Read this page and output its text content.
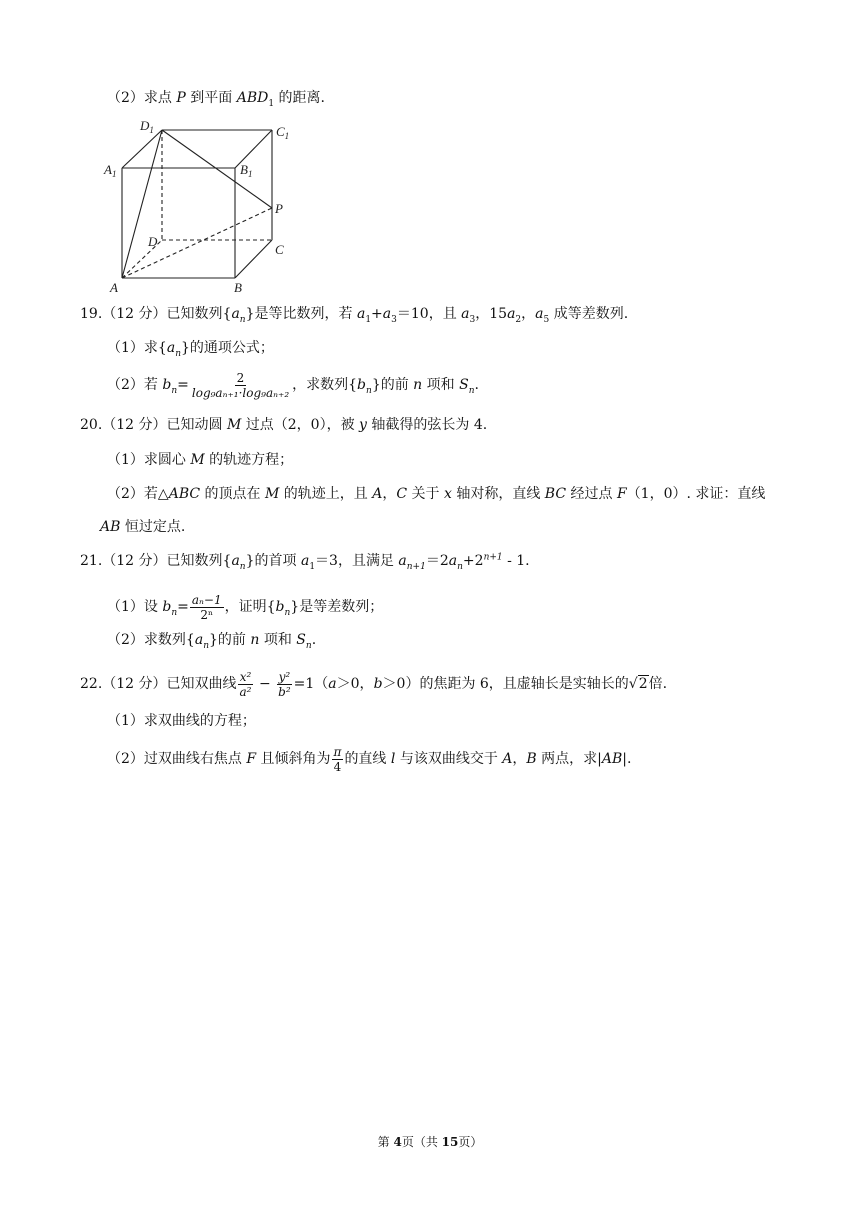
（2）求点 P 到平面 $ABD_1$ 的距离.
$D_1$	$C_1$
$A_1$	$B_1$
P
D
C
A	B
19.（12 分）已知数列$\{a_n\}$是等比数列，若 $a_1+a_3=10$，且 $a_3$，$15a_2$，$a_5$ 成等差数列.
（1）求$\{a_n\}$的通项公式；
（2）若 $b_n= \frac{2}{\text{log₉aₙ₊₁·log₉aₙ₊₂}}$ ，求数列$\{b_n\}$的前 n 项和 $S_n$.
20.（12 分）已知动圆 M 过点（2，0），被 y 轴截得的弦长为 4.
（1）求圆心 M 的轨迹方程；
（2）若△ABC 的顶点在 M 的轨迹上，且 A，C 关于 x 轴对称，直线 BC 经过点 F（1，0）. 求证：直线
AB 恒过定点.
21.（12 分）已知数列$\{a_n\}$的首项 $a_1=3$，且满足 $a_{n+1}=2a_n+2^{n+1} - 1$.
（1）设 $b_n= \frac{\text{aₙ−1}}{\text{2ⁿ}}$ ，证明$\{b_n\}$是等差数列；
（2）求数列$\{a_n\}$的前 n 项和 $S_n$.
22.（12 分）已知双曲线 $\frac{\text{x²}}{\text{a²}} - \frac{\text{y²}}{\text{b²}} =1(a>0$，b＞0）的焦距为 6，且虚轴长是实轴长的√2倍.
（1）求双曲线的方程；
（2）过双曲线右焦点 F 且倾斜角为 $\frac{\pi}{4}$ 的直线 l 与该双曲线交于 A，B 两点，求|AB|.
第 4页（共 15页）
